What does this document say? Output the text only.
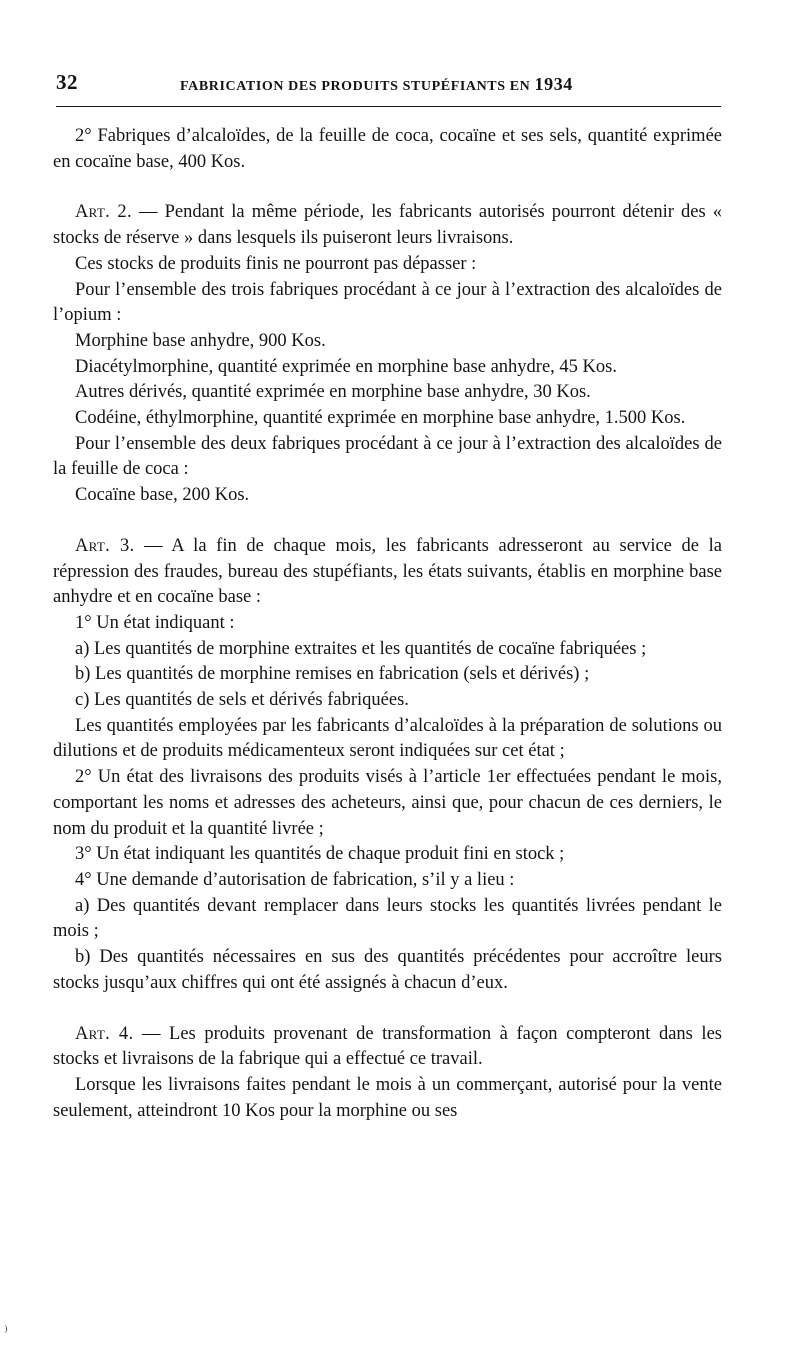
32	FABRICATION DES PRODUITS STUPÉFIANTS EN 1934

2° Fabriques d’alcaloïdes, de la feuille de coca, cocaïne et ses sels, quantité exprimée en cocaïne base, 400 Kos.

Art. 2. — Pendant la même période, les fabricants autorisés pourront détenir des « stocks de réserve » dans lesquels ils puiseront leurs livraisons.

Ces stocks de produits finis ne pourront pas dépasser :

Pour l’ensemble des trois fabriques procédant à ce jour à l’extraction des alcaloïdes de l’opium :

Morphine base anhydre, 900 Kos.

Diacétylmorphine, quantité exprimée en morphine base anhydre, 45 Kos.

Autres dérivés, quantité exprimée en morphine base anhydre, 30 Kos.

Codéine, éthylmorphine, quantité exprimée en morphine base anhydre, 1.500 Kos.

Pour l’ensemble des deux fabriques procédant à ce jour à l’extraction des alcaloïdes de la feuille de coca :

Cocaïne base, 200 Kos.

Art. 3. — A la fin de chaque mois, les fabricants adresseront au service de la répression des fraudes, bureau des stupéfiants, les états suivants, établis en morphine base anhydre et en cocaïne base :

1° Un état indiquant :

a) Les quantités de morphine extraites et les quantités de cocaïne fabriquées ;

b) Les quantités de morphine remises en fabrication (sels et dérivés) ;

c) Les quantités de sels et dérivés fabriquées.

Les quantités employées par les fabricants d’alcaloïdes à la préparation de solutions ou dilutions et de produits médicamenteux seront indiquées sur cet état ;

2° Un état des livraisons des produits visés à l’article 1er effectuées pendant le mois, comportant les noms et adresses des acheteurs, ainsi que, pour chacun de ces derniers, le nom du produit et la quantité livrée ;

3° Un état indiquant les quantités de chaque produit fini en stock ;

4° Une demande d’autorisation de fabrication, s’il y a lieu :

a) Des quantités devant remplacer dans leurs stocks les quantités livrées pendant le mois ;

b) Des quantités nécessaires en sus des quantités précédentes pour accroître leurs stocks jusqu’aux chiffres qui ont été assignés à chacun d’eux.

Art. 4. — Les produits provenant de transformation à façon compteront dans les stocks et livraisons de la fabrique qui a effectué ce travail.

Lorsque les livraisons faites pendant le mois à un commerçant, autorisé pour la vente seulement, atteindront 10 Kos pour la morphine ou ses

⁾
